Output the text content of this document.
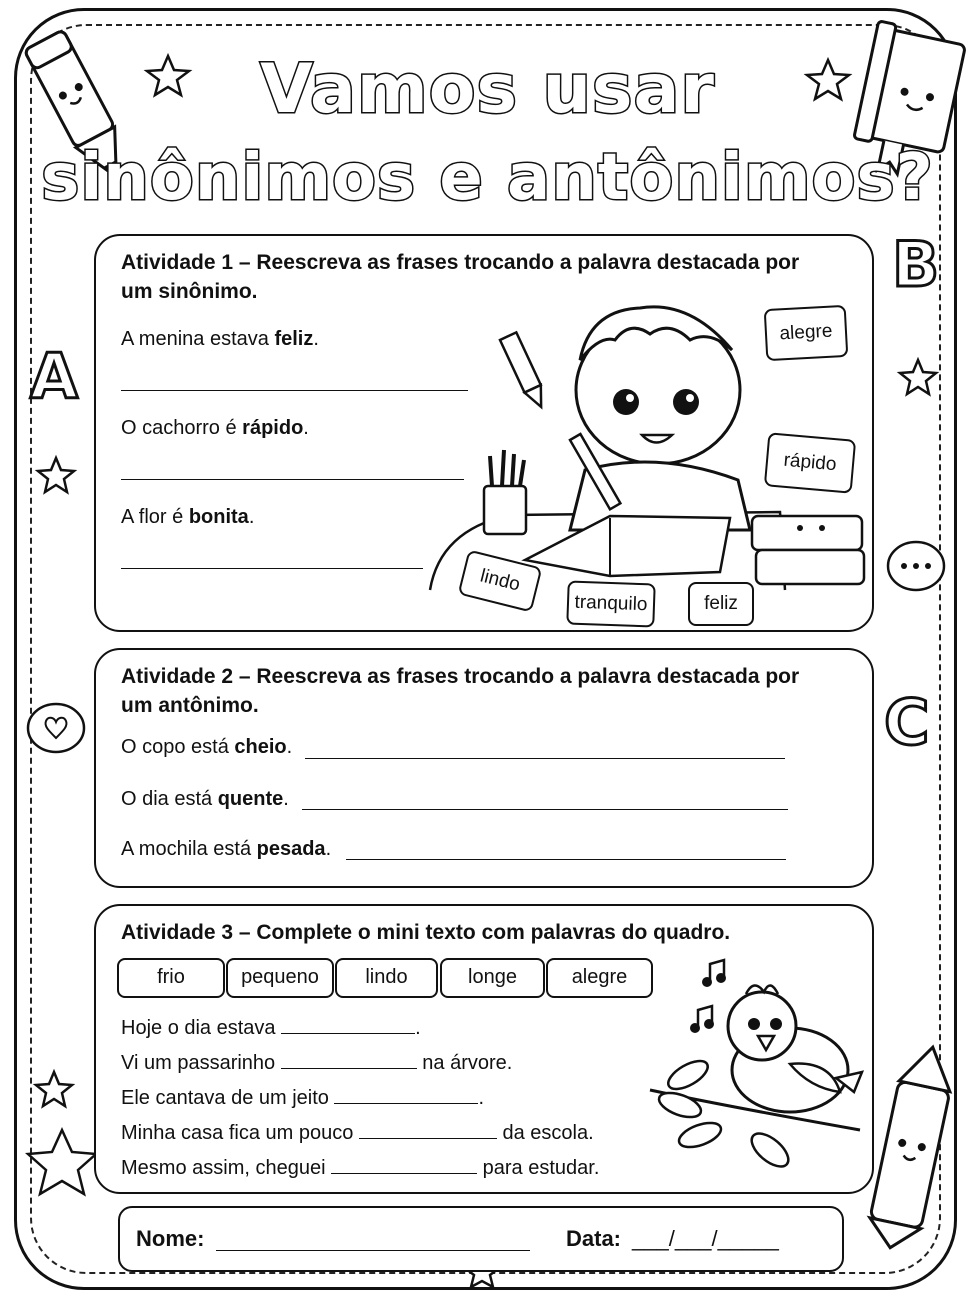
A
B
C
Vamos usar
sinônimos e antônimos?
Atividade 1 – Reescreva as frases trocando a palavra destacada por um sinônimo.
A menina estava feliz.
O cachorro é rápido.
A flor é bonita.
alegre
rápido
lindo
tranquilo	feliz
Atividade 2 – Reescreva as frases trocando a palavra destacada por um antônimo.
O copo está cheio.
O dia está quente.
A mochila está pesada.
Atividade 3 – Complete o mini texto com palavras do quadro.
frio	pequeno	lindo	longe	alegre
Hoje o dia estava	.
Vi um passarinho	na árvore.
Ele cantava de um jeito	.
Minha casa fica um pouco	da escola.
Mesmo assim, cheguei	para estudar.
Nome:	Data: ___/___/_____
